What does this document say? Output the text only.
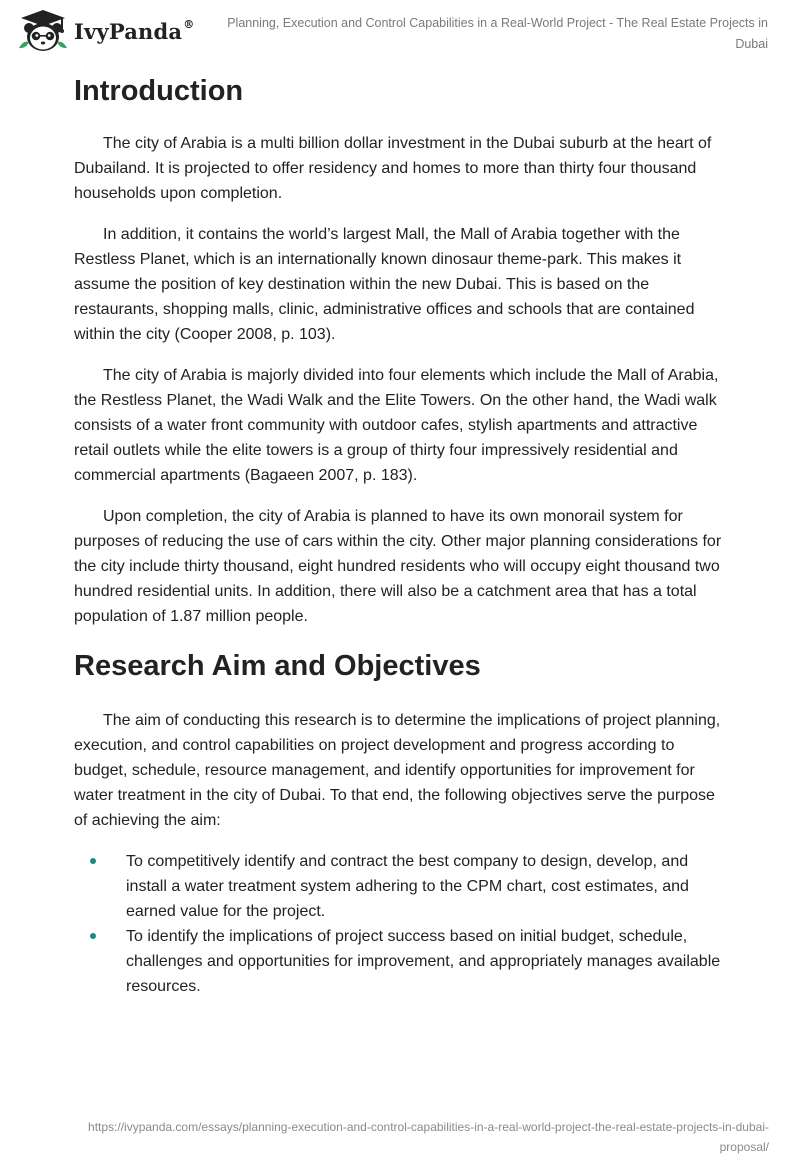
IvyPanda®	Planning, Execution and Control Capabilities in a Real-World Project - The Real Estate Projects in Dubai
Introduction

The city of Arabia is a multi billion dollar investment in the Dubai suburb at the heart of Dubailand. It is projected to offer residency and homes to more than thirty four thousand households upon completion.

In addition, it contains the world’s largest Mall, the Mall of Arabia together with the Restless Planet, which is an internationally known dinosaur theme-park. This makes it assume the position of key destination within the new Dubai. This is based on the restaurants, shopping malls, clinic, administrative offices and schools that are contained within the city (Cooper 2008, p. 103).

The city of Arabia is majorly divided into four elements which include the Mall of Arabia, the Restless Planet, the Wadi Walk and the Elite Towers. On the other hand, the Wadi walk consists of a water front community with outdoor cafes, stylish apartments and attractive retail outlets while the elite towers is a group of thirty four impressively residential and commercial apartments (Bagaeen 2007, p. 183).

Upon completion, the city of Arabia is planned to have its own monorail system for purposes of reducing the use of cars within the city. Other major planning considerations for the city include thirty thousand, eight hundred residents who will occupy eight thousand two hundred residential units. In addition, there will also be a catchment area that has a total population of 1.87 million people.

Research Aim and Objectives

The aim of conducting this research is to determine the implications of project planning, execution, and control capabilities on project development and progress according to budget, schedule, resource management, and identify opportunities for improvement for water treatment in the city of Dubai. To that end, the following objectives serve the purpose of achieving the aim:

To competitively identify and contract the best company to design, develop, and install a water treatment system adhering to the CPM chart, cost estimates, and earned value for the project.
To identify the implications of project success based on initial budget, schedule, challenges and opportunities for improvement, and appropriately manages available resources.
https://ivypanda.com/essays/planning-execution-and-control-capabilities-in-a-real-world-project-the-real-estate-projects-in-dubai-proposal/
